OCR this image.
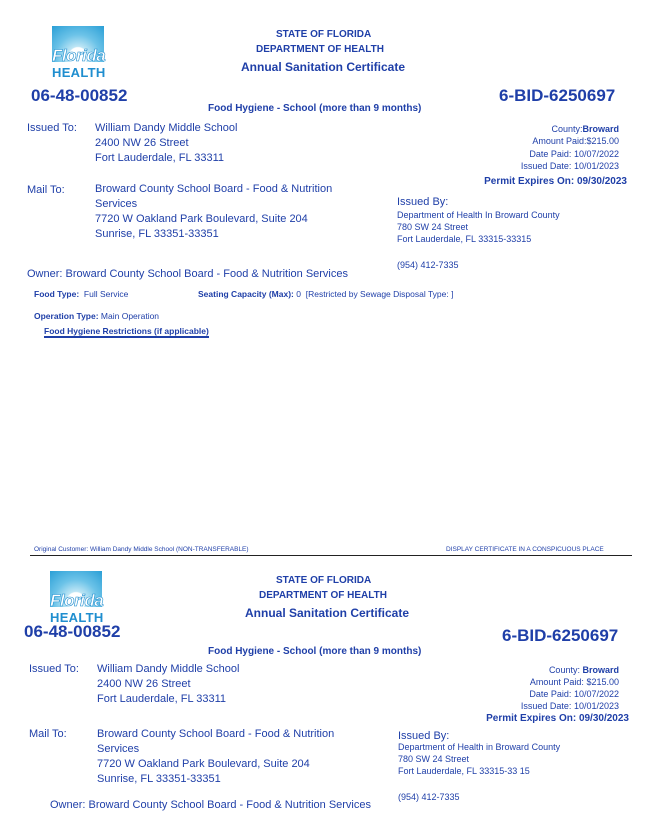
Florida
HEALTH
STATE OF FLORIDA
DEPARTMENT OF HEALTH
Annual Sanitation Certificate
06-48-00852	6-BID-6250697
Food Hygiene - School (more than 9 months)
Issued To: William Dandy Middle School
2400 NW 26 Street
Fort Lauderdale, FL 33311
County:Broward
Amount Paid:$215.00
Date Paid: 10/07/2022
Issued Date: 10/01/2023
Permit Expires On: 09/30/2023
Mail To:	Broward County School Board - Food & Nutrition
Services
7720 W Oakland Park Boulevard, Suite 204
Sunrise, FL 33351-33351
Issued By:
Department of Health In Broward County
780 SW 24 Street
Fort Lauderdale, FL 33315-33315
(954) 412-7335
Owner: Broward County School Board - Food & Nutrition Services
Food Type: Full Service	Seating Capacity (Max): 0 [Restricted by Sewage Disposal Type: ]
Operation Type: Main Operation
Food Hygiene Restrictions (if applicable)
Original Customer: William Dandy Middle School (NON-TRANSFERABLE)	DISPLAY CERTIFICATE IN A CONSPICUOUS PLACE
Florida
HEALTH
STATE OF FLORIDA
DEPARTMENT OF HEALTH
Annual Sanitation Certificate
06-48-00852	6-BID-6250697
Food Hygiene - School (more than 9 months)
Issued To: William Dandy Middle School
2400 NW 26 Street
Fort Lauderdale, FL 33311
County: Broward
Amount Paid: $215.00
Date Paid: 10/07/2022
Issued Date: 10/01/2023
Permit Expires On: 09/30/2023
Mail To:	Broward County School Board - Food & Nutrition
Services
7720 W Oakland Park Boulevard, Suite 204
Sunrise, FL 33351-33351
Issued By:
Department of Health in Broward County
780 SW 24 Street
Fort Lauderdale, FL 33315-33 15
(954) 412-7335
Owner: Broward County School Board - Food & Nutrition Services
